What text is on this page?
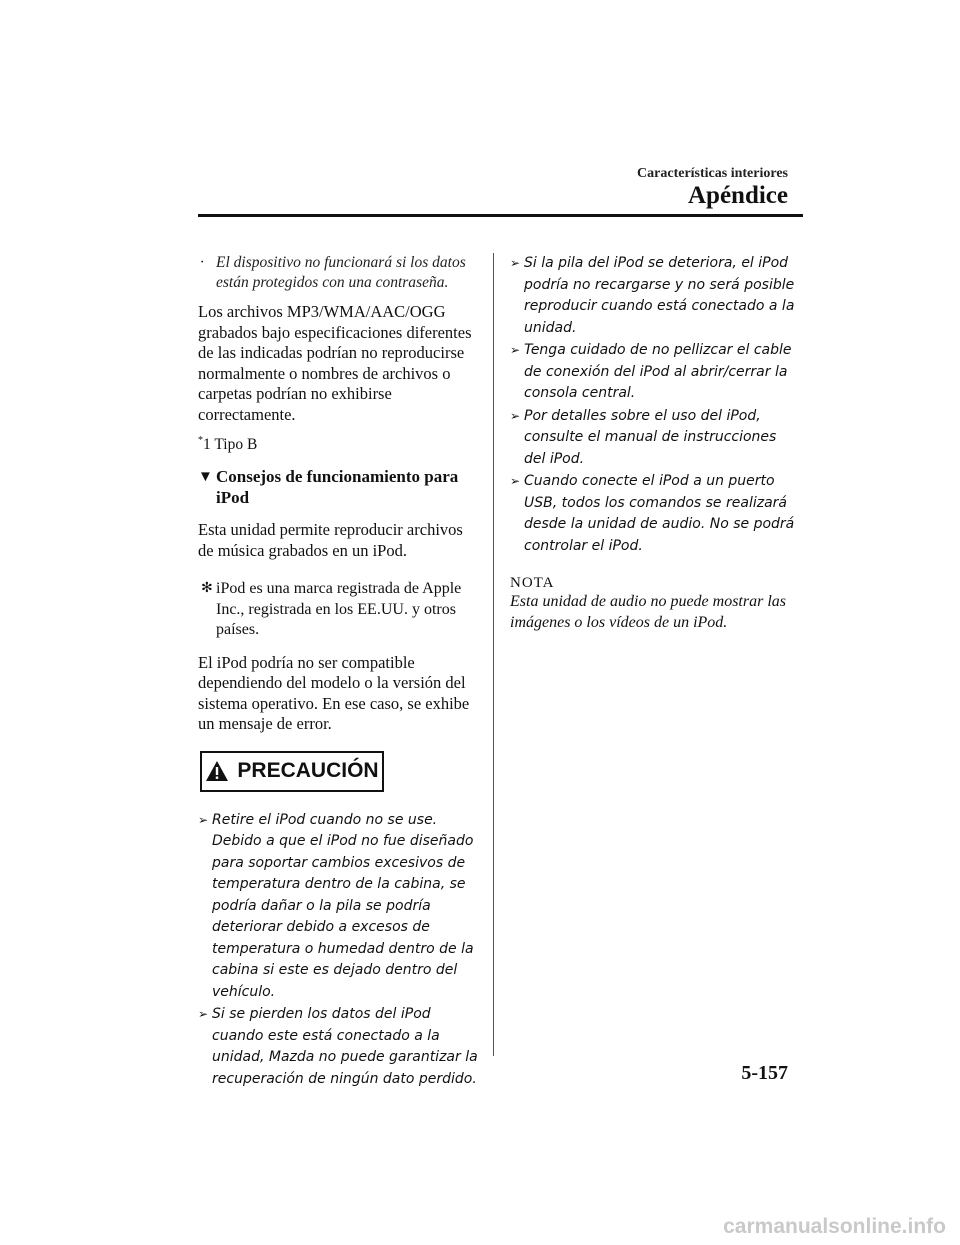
Características interiores
Apéndice
· El dispositivo no funcionará si los datos están protegidos con una contraseña.

Los archivos MP3/WMA/AAC/OGG grabados bajo especificaciones diferentes de las indicadas podrían no reproducirse normalmente o nombres de archivos o carpetas podrían no exhibirse correctamente.

*1 Tipo B
▼ Consejos de funcionamiento para iPod

Esta unidad permite reproducir archivos de música grabados en un iPod.

✻ iPod es una marca registrada de Apple Inc., registrada en los EE.UU. y otros países.

El iPod podría no ser compatible dependiendo del modelo o la versión del sistema operativo. En ese caso, se exhibe un mensaje de error.

PRECAUCIÓN
➢ Retire el iPod cuando no se use. Debido a que el iPod no fue diseñado para soportar cambios excesivos de temperatura dentro de la cabina, se podría dañar o la pila se podría deteriorar debido a excesos de temperatura o humedad dentro de la cabina si este es dejado dentro del vehículo.
➢ Si se pierden los datos del iPod cuando este está conectado a la unidad, Mazda no puede garantizar la recuperación de ningún dato perdido.
➢ Si la pila del iPod se deteriora, el iPod podría no recargarse y no será posible reproducir cuando está conectado a la unidad.
➢ Tenga cuidado de no pellizcar el cable de conexión del iPod al abrir/cerrar la consola central.
➢ Por detalles sobre el uso del iPod, consulte el manual de instrucciones del iPod.
➢ Cuando conecte el iPod a un puerto USB, todos los comandos se realizará desde la unidad de audio. No se podrá controlar el iPod.
NOTA

Esta unidad de audio no puede mostrar las imágenes o los vídeos de un iPod.

5-157
carmanualsonline.info
